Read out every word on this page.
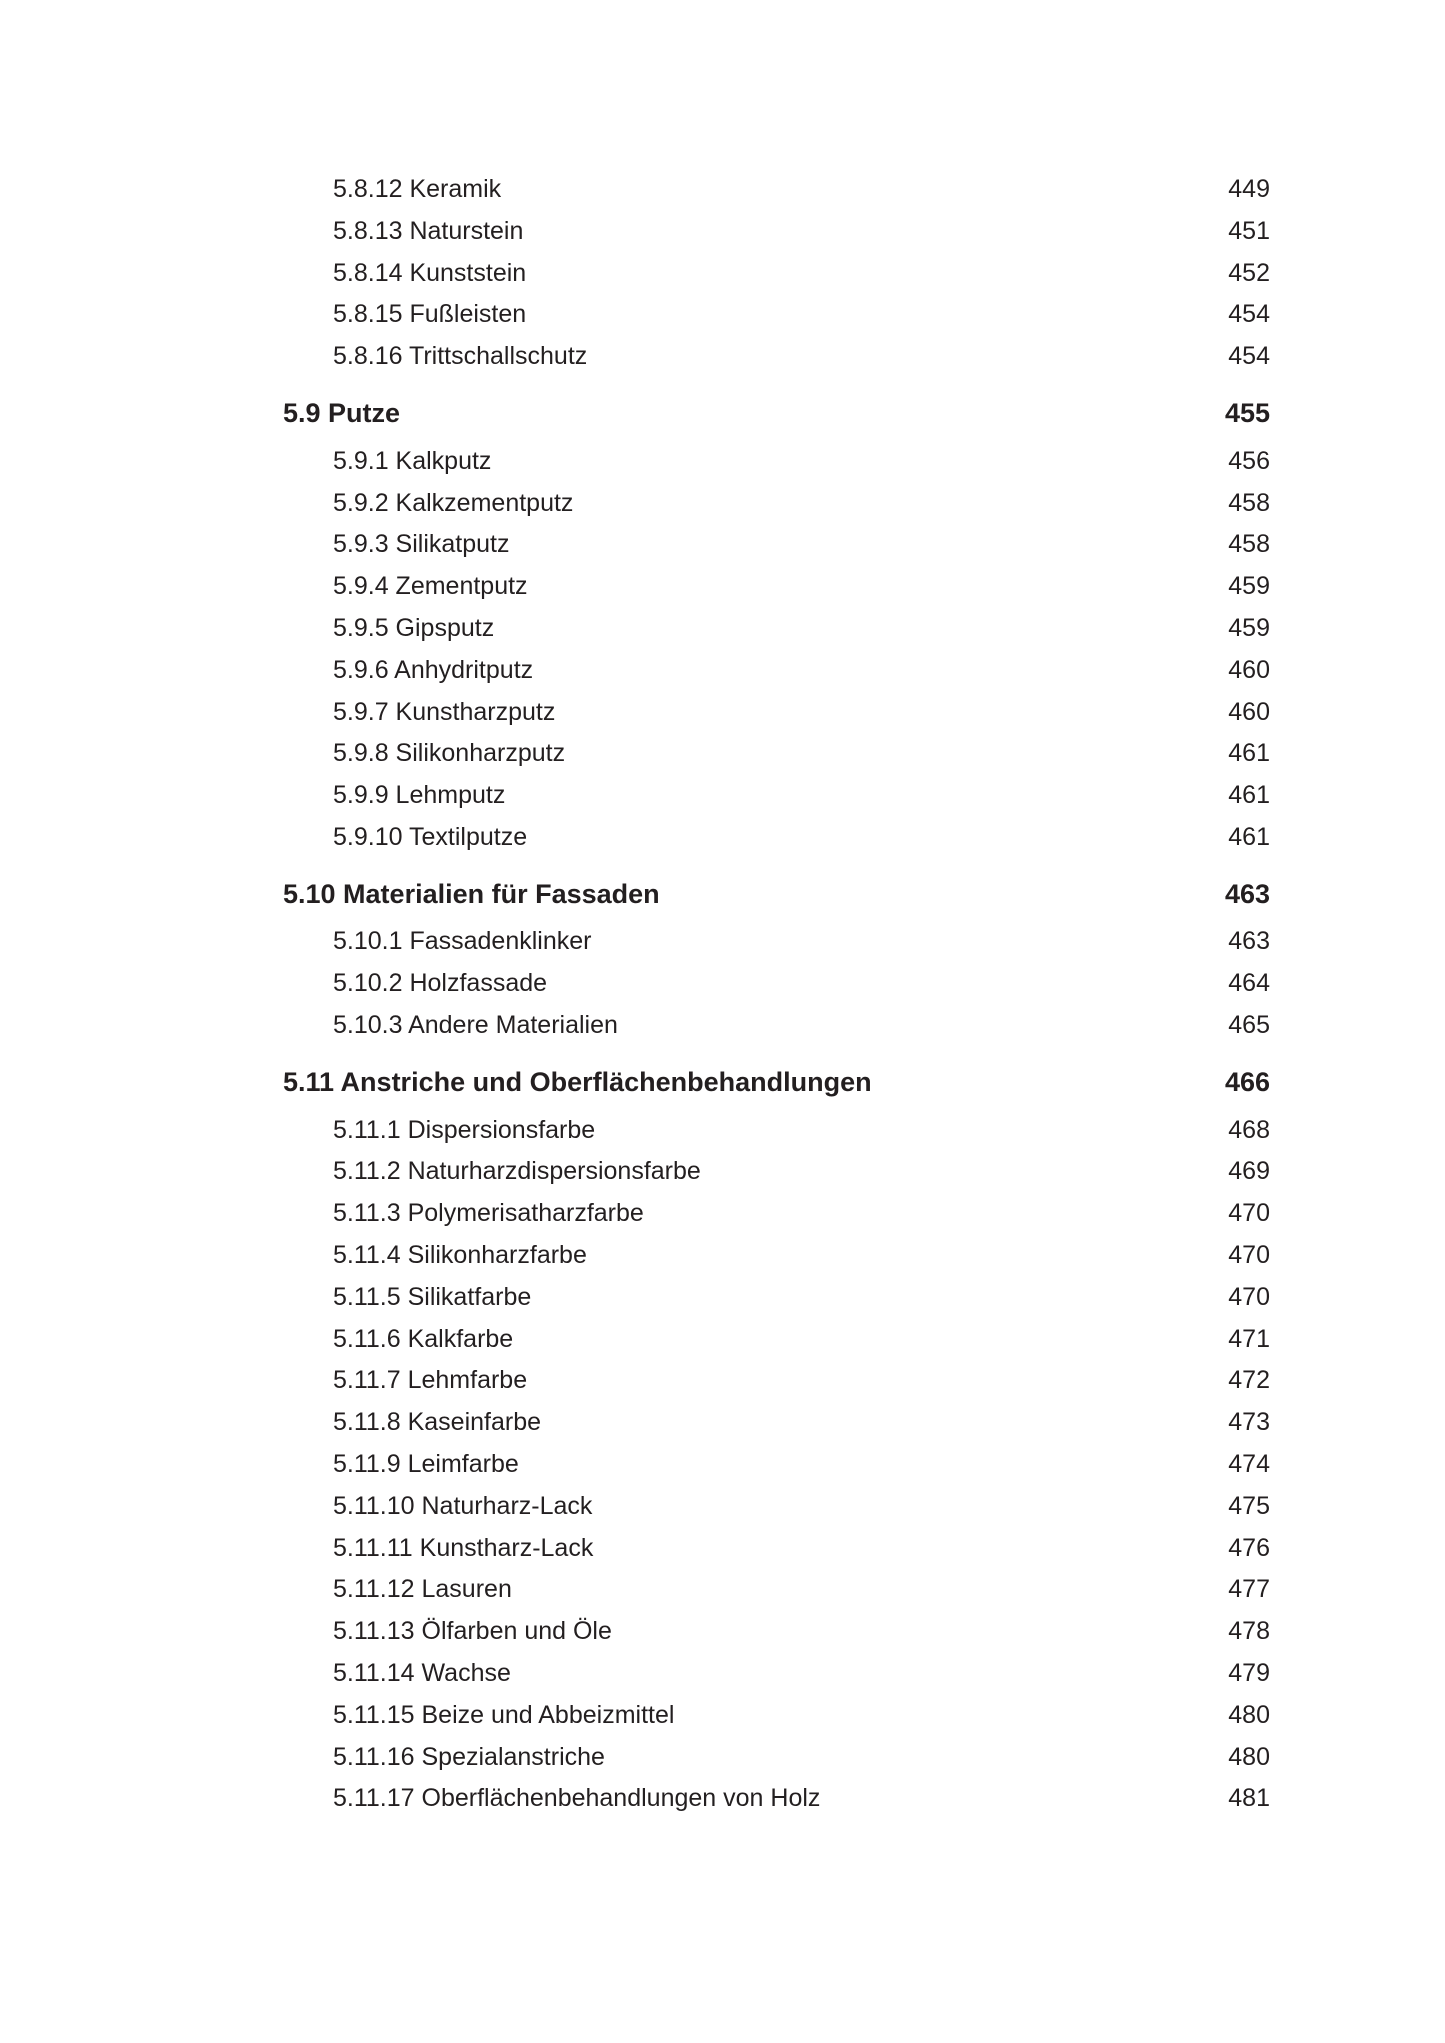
5.8.12 Keramik	449
5.8.13 Naturstein	451
5.8.14 Kunststein	452
5.8.15 Fußleisten	454
5.8.16 Trittschallschutz	454
5.9 Putze	455
5.9.1 Kalkputz	456
5.9.2 Kalkzementputz	458
5.9.3 Silikatputz	458
5.9.4 Zementputz	459
5.9.5 Gipsputz	459
5.9.6 Anhydritputz	460
5.9.7 Kunstharzputz	460
5.9.8 Silikonharzputz	461
5.9.9 Lehmputz	461
5.9.10 Textilputze	461
5.10 Materialien für Fassaden	463
5.10.1 Fassadenklinker	463
5.10.2 Holzfassade	464
5.10.3 Andere Materialien	465
5.11 Anstriche und Oberflächenbehandlungen	466
5.11.1 Dispersionsfarbe	468
5.11.2 Naturharzdispersionsfarbe	469
5.11.3 Polymerisatharzfarbe	470
5.11.4 Silikonharzfarbe	470
5.11.5 Silikatfarbe	470
5.11.6 Kalkfarbe	471
5.11.7 Lehmfarbe	472
5.11.8 Kaseinfarbe	473
5.11.9 Leimfarbe	474
5.11.10 Naturharz-Lack	475
5.11.11 Kunstharz-Lack	476
5.11.12 Lasuren	477
5.11.13 Ölfarben und Öle	478
5.11.14 Wachse	479
5.11.15 Beize und Abbeizmittel	480
5.11.16 Spezialanstriche	480
5.11.17 Oberflächenbehandlungen von Holz	481
